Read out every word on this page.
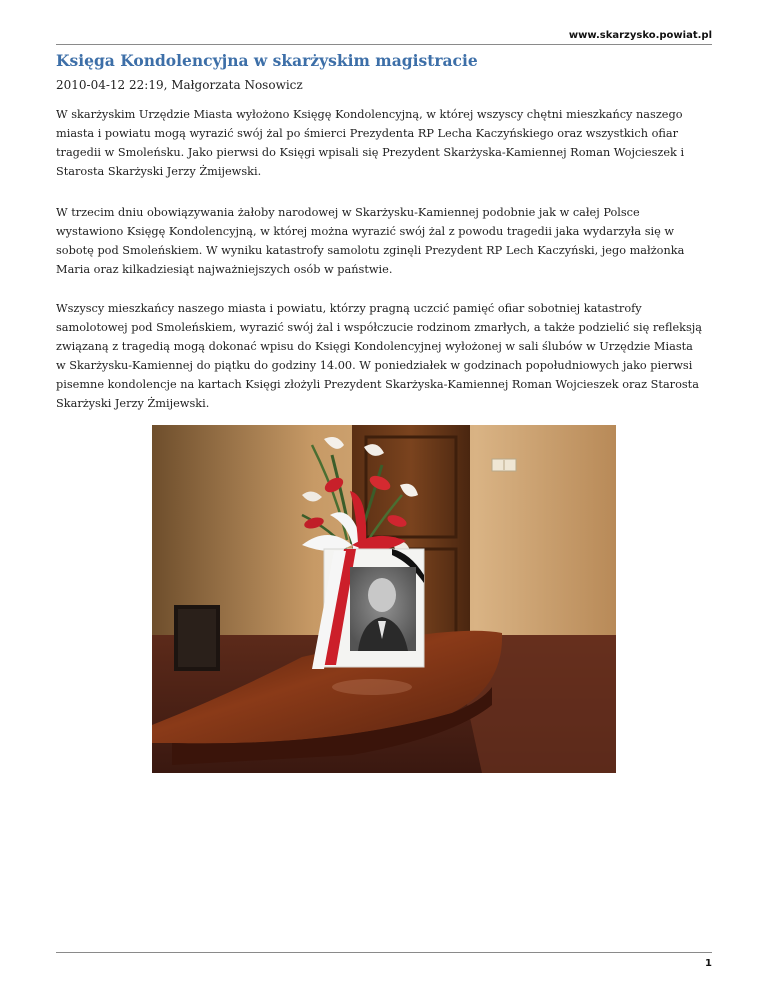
www.skarzysko.powiat.pl
Księga Kondolencyjna w skarżyskim magistracie
2010-04-12 22:19, Małgorzata Nosowicz
W skarżyskim Urzędzie Miasta wyłożono Księgę Kondolencyjną, w której wszyscy chętni mieszkańcy naszego
miasta i powiatu mogą wyrazić swój żal po śmierci Prezydenta RP Lecha Kaczyńskiego oraz wszystkich ofiar
tragedii w Smoleńsku. Jako pierwsi do Księgi wpisali się Prezydent Skarżyska-Kamiennej Roman Wojcieszek i
Starosta Skarżyski Jerzy Żmijewski.
W trzecim dniu obowiązywania żałoby narodowej w Skarżysku-Kamiennej podobnie jak w całej Polsce
wystawiono Księgę Kondolencyjną, w której można wyrazić swój żal z powodu tragedii jaka wydarzyła się w
sobotę pod Smoleńskiem. W wyniku katastrofy samolotu zginęli Prezydent RP Lech Kaczyński, jego małżonka
Maria oraz kilkadziesiąt najważniejszych osób w państwie.
Wszyscy mieszkańcy naszego miasta i powiatu, którzy pragną uczcić pamięć ofiar sobotniej katastrofy
samolotowej pod Smoleńskiem, wyrazić swój żal i współczucie rodzinom zmarłych, a także podzielić się refleksją
związaną z tragedią mogą dokonać wpisu do Księgi Kondolencyjnej wyłożonej w sali ślubów w Urzędzie Miasta
w Skarżysku-Kamiennej do piątku do godziny 14.00. W poniedziałek w godzinach popołudniowych jako pierwsi
pisemne kondolencje na kartach Księgi złożyli Prezydent Skarżyska-Kamiennej Roman Wojcieszek oraz Starosta
Skarżyski Jerzy Żmijewski.
1
